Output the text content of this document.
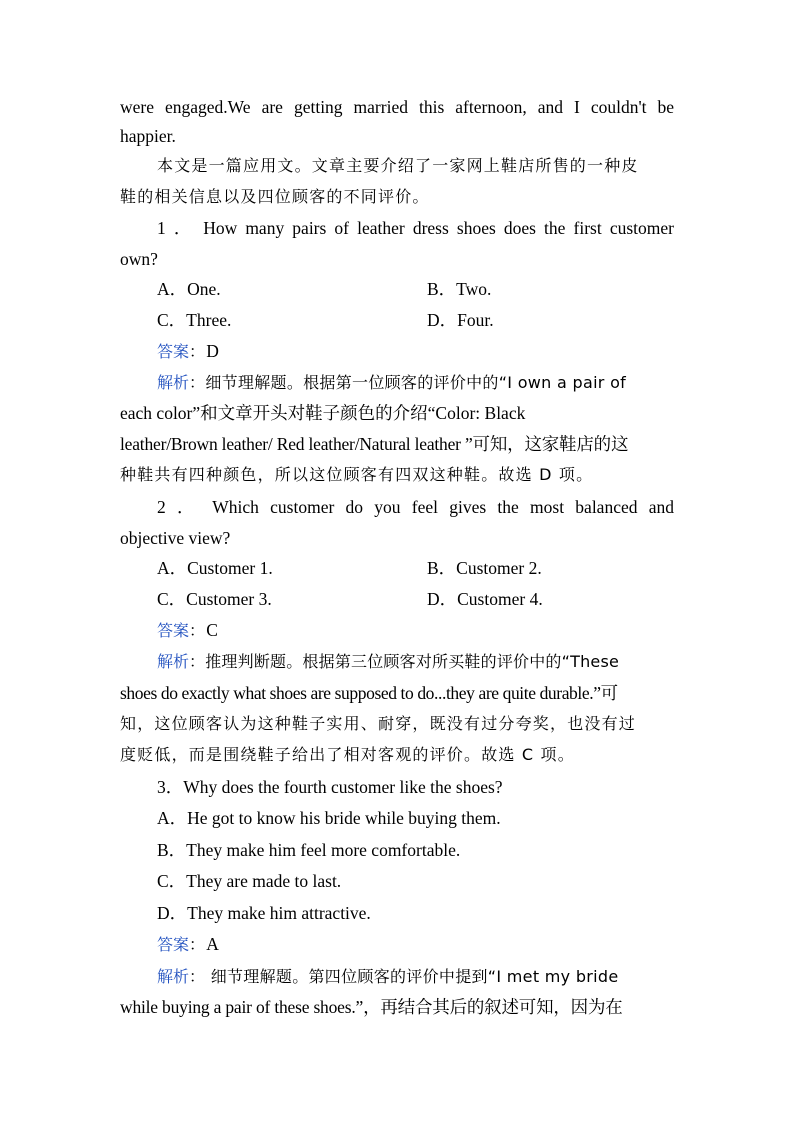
were engaged.We are getting married this afternoon, and I couldn't be
happier.
本文是一篇应用文。文章主要介绍了一家网上鞋店所售的一种皮
鞋的相关信息以及四位顾客的不同评价。
1 ． How many pairs of leather dress shoes does the first customer
own?
A．One.	B．Two.
C．Three.	D．Four.
答案：D
解析：细节理解题。根据第一位顾客的评价中的“I own a pair of
each color”和文章开头对鞋子颜色的介绍“Color: Black
leather/Brown leather/ Red leather/Natural leather ”可知，这家鞋店的这
种鞋共有四种颜色，所以这位顾客有四双这种鞋。故选 D 项。
2 ． Which customer do you feel gives the most balanced and
objective view?
A．Customer 1.	B．Customer 2.
C．Customer 3.	D．Customer 4.
答案：C
解析：推理判断题。根据第三位顾客对所买鞋的评价中的“These
shoes do exactly what shoes are supposed to do...they are quite durable.”可
知，这位顾客认为这种鞋子实用、耐穿，既没有过分夸奖，也没有过
度贬低，而是围绕鞋子给出了相对客观的评价。故选 C 项。
3．Why does the fourth customer like the shoes?
A．He got to know his bride while buying them.
B．They make him feel more comfortable.
C．They are made to last.
D．They make him attractive.
答案：A
解析： 细节理解题。第四位顾客的评价中提到“I met my bride
while buying a pair of these shoes.”，再结合其后的叙述可知，因为在
